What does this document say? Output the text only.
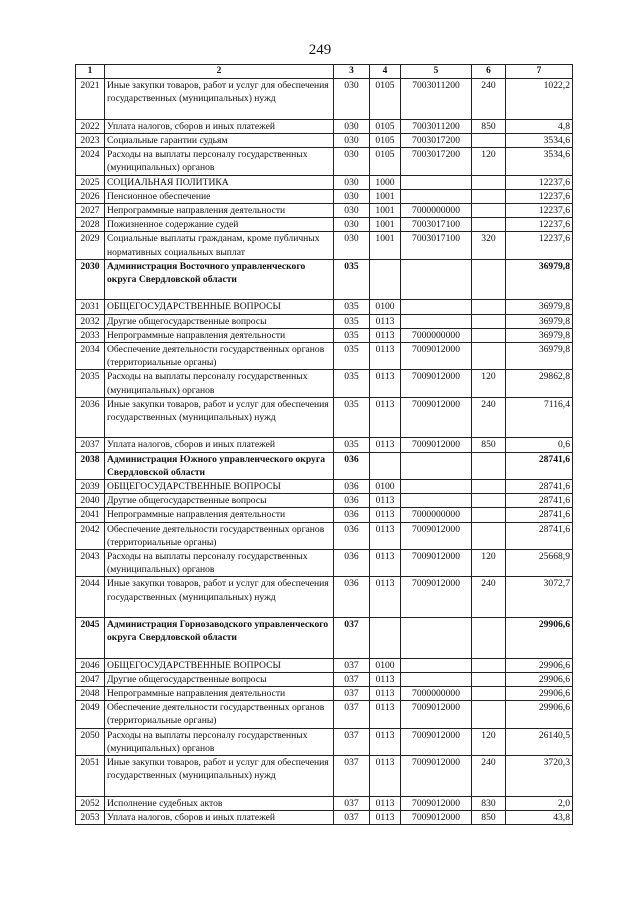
249
1	2	3	4	5	6	7
2021	Иные закупки товаров, работ и услуг для обеспечения государственных (муниципальных) нужд	030	0105	7003011200	240	1022,2
2022	Уплата налогов, сборов и иных платежей	030	0105	7003011200	850	4,8
2023	Социальные гарантии судьям	030	0105	7003017200		3534,6
2024	Расходы на выплаты персоналу государственных (муниципальных) органов	030	0105	7003017200	120	3534,6
2025	СОЦИАЛЬНАЯ ПОЛИТИКА	030	1000			12237,6
2026	Пенсионное обеспечение	030	1001			12237,6
2027	Непрограммные направления деятельности	030	1001	7000000000		12237,6
2028	Пожизненное содержание судей	030	1001	7003017100		12237,6
2029	Социальные выплаты гражданам, кроме публичных нормативных социальных выплат	030	1001	7003017100	320	12237,6
2030	Администрация Восточного управленческого округа Свердловской области	035				36979,8
2031	ОБЩЕГОСУДАРСТВЕННЫЕ ВОПРОСЫ	035	0100			36979,8
2032	Другие общегосударственные вопросы	035	0113			36979,8
2033	Непрограммные направления деятельности	035	0113	7000000000		36979,8
2034	Обеспечение деятельности государственных органов (территориальные органы)	035	0113	7009012000		36979,8
2035	Расходы на выплаты персоналу государственных (муниципальных) органов	035	0113	7009012000	120	29862,8
2036	Иные закупки товаров, работ и услуг для обеспечения государственных (муниципальных) нужд	035	0113	7009012000	240	7116,4
2037	Уплата налогов, сборов и иных платежей	035	0113	7009012000	850	0,6
2038	Администрация Южного управленческого округа Свердловской области	036				28741,6
2039	ОБЩЕГОСУДАРСТВЕННЫЕ ВОПРОСЫ	036	0100			28741,6
2040	Другие общегосударственные вопросы	036	0113			28741,6
2041	Непрограммные направления деятельности	036	0113	7000000000		28741,6
2042	Обеспечение деятельности государственных органов (территориальные органы)	036	0113	7009012000		28741,6
2043	Расходы на выплаты персоналу государственных (муниципальных) органов	036	0113	7009012000	120	25668,9
2044	Иные закупки товаров, работ и услуг для обеспечения государственных (муниципальных) нужд	036	0113	7009012000	240	3072,7
2045	Администрация Горнозаводского управленческого округа Свердловской области	037				29906,6
2046	ОБЩЕГОСУДАРСТВЕННЫЕ ВОПРОСЫ	037	0100			29906,6
2047	Другие общегосударственные вопросы	037	0113			29906,6
2048	Непрограммные направления деятельности	037	0113	7000000000		29906,6
2049	Обеспечение деятельности государственных органов (территориальные органы)	037	0113	7009012000		29906,6
2050	Расходы на выплаты персоналу государственных (муниципальных) органов	037	0113	7009012000	120	26140,5
2051	Иные закупки товаров, работ и услуг для обеспечения государственных (муниципальных) нужд	037	0113	7009012000	240	3720,3
2052	Исполнение судебных актов	037	0113	7009012000	830	2,0
2053	Уплата налогов, сборов и иных платежей	037	0113	7009012000	850	43,8
